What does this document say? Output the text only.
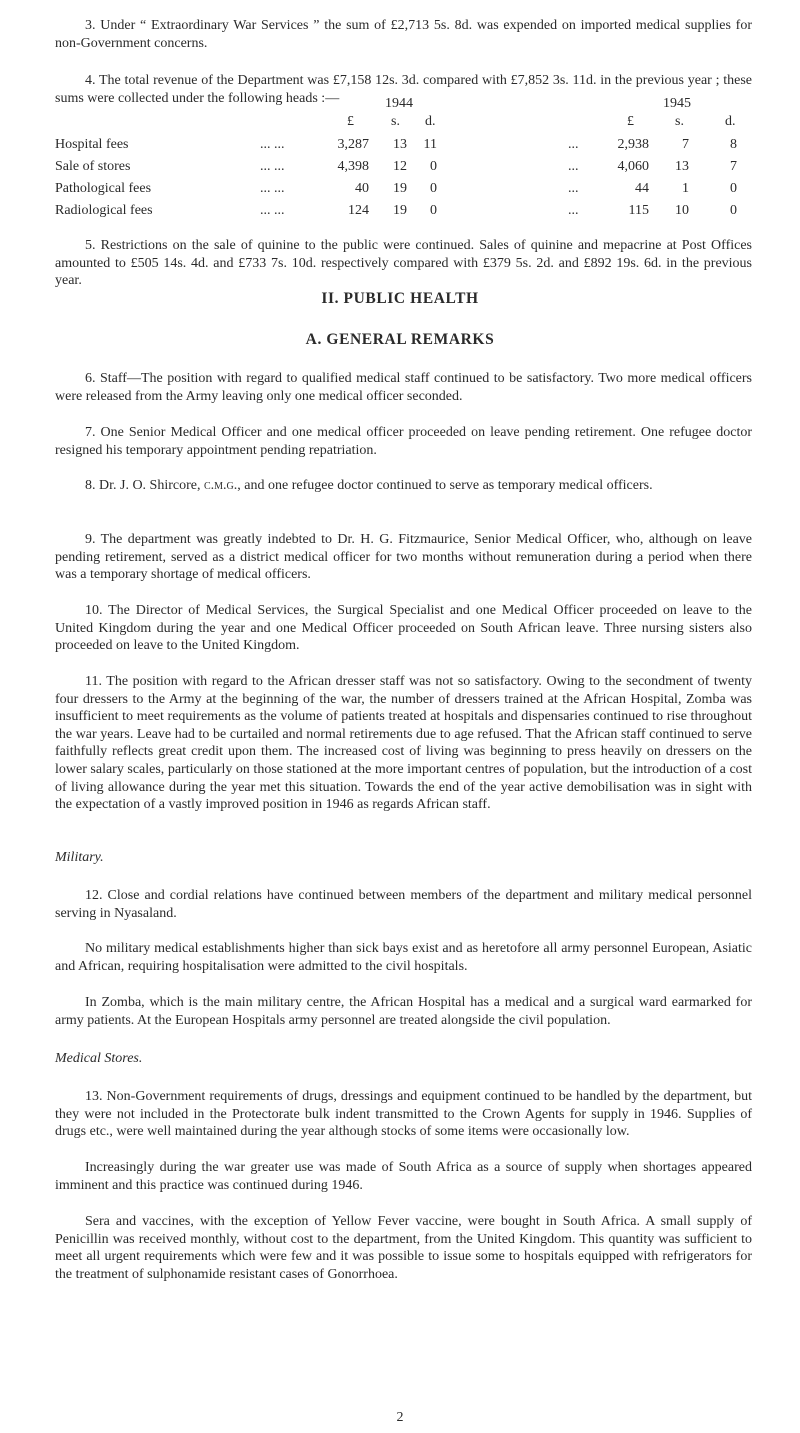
3. Under “ Extraordinary War Services ” the sum of £2,713 5s. 8d. was expended on imported medical supplies for non-Government concerns.

4. The total revenue of the Department was £7,158 12s. 3d. compared with £7,852 3s. 11d. in the previous year ; these sums were collected under the following heads :—	1944	1945
£	s. d.	£	s.	d.
Hospital fees	... ...	3,287	13	11	...	2,938	7	8
Sale of stores	... ...	4,398	12	0	...	4,060	13	7
Pathological fees	... ...	40	19	0	...	44	1	0
Radiological fees	... ...	124	19	0	...	115	10	0

5. Restrictions on the sale of quinine to the public were continued. Sales of quinine and mepacrine at Post Offices amounted to £505 14s. 4d. and £733 7s. 10d. respectively compared with £379 5s. 2d. and £892 19s. 6d. in the previous year.

II. PUBLIC HEALTH
A. GENERAL REMARKS

6. Staff—The position with regard to qualified medical staff continued to be satisfactory. Two more medical officers were released from the Army leaving only one medical officer seconded.

7. One Senior Medical Officer and one medical officer proceeded on leave pending retirement. One refugee doctor resigned his temporary appointment pending repatriation.

8. Dr. J. O. Shircore, c.m.g., and one refugee doctor continued to serve as temporary medical officers.

9. The department was greatly indebted to Dr. H. G. Fitzmaurice, Senior Medical Officer, who, although on leave pending retirement, served as a district medical officer for two months without remuneration during a period when there was a temporary shortage of medical officers.

10. The Director of Medical Services, the Surgical Specialist and one Medical Officer proceeded on leave to the United Kingdom during the year and one Medical Officer proceeded on South African leave. Three nursing sisters also proceeded on leave to the United Kingdom.

11. The position with regard to the African dresser staff was not so satisfactory. Owing to the secondment of twenty four dressers to the Army at the beginning of the war, the number of dressers trained at the African Hospital, Zomba was insufficient to meet requirements as the volume of patients treated at hospitals and dispensaries continued to rise throughout the war years. Leave had to be curtailed and normal retirements due to age refused. That the African staff continued to serve faithfully reflects great credit upon them. The increased cost of living was beginning to press heavily on dressers on the lower salary scales, particularly on those stationed at the more important centres of population, but the introduction of a cost of living allowance during the year met this situation. Towards the end of the year active demobilisation was in sight with the expectation of a vastly improved position in 1946 as regards African staff.

Military.

12. Close and cordial relations have continued between members of the department and military medical personnel serving in Nyasaland.

No military medical establishments higher than sick bays exist and as heretofore all army personnel European, Asiatic and African, requiring hospitalisation were admitted to the civil hospitals.

In Zomba, which is the main military centre, the African Hospital has a medical and a surgical ward earmarked for army patients. At the European Hospitals army personnel are treated alongside the civil population.

Medical Stores.

13. Non-Government requirements of drugs, dressings and equipment continued to be handled by the department, but they were not included in the Protectorate bulk indent transmitted to the Crown Agents for supply in 1946. Supplies of drugs etc., were well maintained during the year although stocks of some items were occasionally low.

Increasingly during the war greater use was made of South Africa as a source of supply when shortages appeared imminent and this practice was continued during 1946.

Sera and vaccines, with the exception of Yellow Fever vaccine, were bought in South Africa. A small supply of Penicillin was received monthly, without cost to the department, from the United Kingdom. This quantity was sufficient to meet all urgent requirements which were few and it was possible to issue some to hospitals equipped with refrigerators for the treatment of sulphonamide resistant cases of Gonorrhoea.

2
